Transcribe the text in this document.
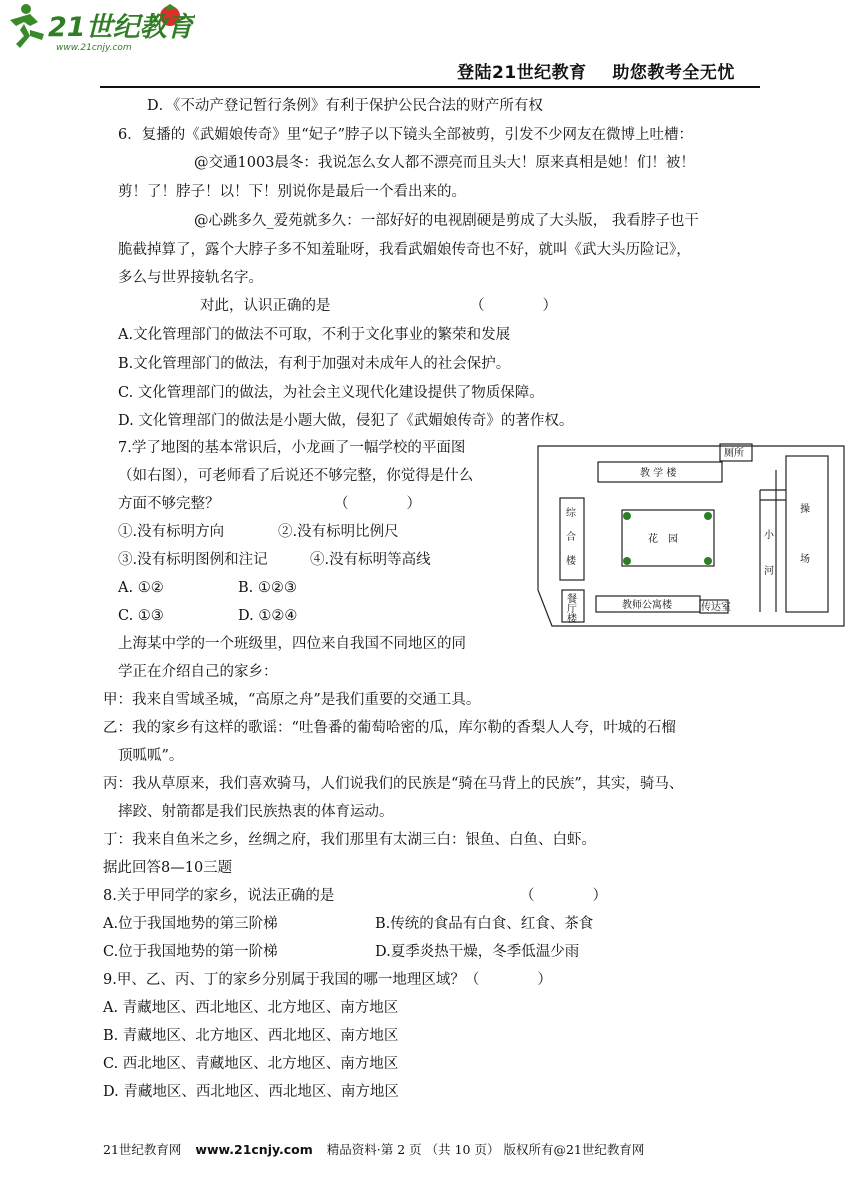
21世纪教育
www.21cnjy.com
登陆21世纪教育    助您教考全无忧
D．《不动产登记暂行条例》有利于保护公民合法的财产所有权
6．复播的《武媚娘传奇》里“妃子”脖子以下镜头全部被剪，引发不少网友在微博上吐槽：
@交通1003晨冬：我说怎么女人都不漂亮而且头大！原来真相是她！们！被！
剪！了！脖子！以！下！别说你是最后一个看出来的。
@心跳多久_爱苑就多久：一部好好的电视剧硬是剪成了大头版， 我看脖子也干
脆截掉算了，露个大脖子多不知羞耻呀，我看武媚娘传奇也不好，就叫《武大头历险记》，
多么与世界接轨名字。
对此，认识正确的是	（　　　　）
A.文化管理部门的做法不可取，不利于文化事业的繁荣和发展
B.文化管理部门的做法，有利于加强对未成年人的社会保护。
C. 文化管理部门的做法，为社会主义现代化建设提供了物质保障。
D. 文化管理部门的做法是小题大做，侵犯了《武媚娘传奇》的著作权。
7.学了地图的基本常识后，小龙画了一幅学校的平面图
（如右图），可老师看了后说还不够完整，你觉得是什么
方面不够完整？	（　　　　）
①.没有标明方向	②.没有标明比例尺
③.没有标明图例和注记	④.没有标明等高线
A. ①②	B. ①②③
C. ①③	D. ①②④
厕所
教 学 楼
综
合
楼
花　园
操
场
小
河
餐
厅
楼
教师公寓楼	传达室
上海某中学的一个班级里，四位来自我国不同地区的同
学正在介绍自己的家乡：
甲：我来自雪域圣城，“高原之舟”是我们重要的交通工具。
乙：我的家乡有这样的歌谣：“吐鲁番的葡萄哈密的瓜，库尔勒的香梨人人夸，叶城的石榴
顶呱呱”。
丙：我从草原来，我们喜欢骑马，人们说我们的民族是“骑在马背上的民族”，其实，骑马、
摔跤、射箭都是我们民族热衷的体育运动。
丁：我来自鱼米之乡，丝绸之府，我们那里有太湖三白：银鱼、白鱼、白虾。
据此回答8—10三题
8.关于甲同学的家乡，说法正确的是	（　　　　）
A.位于我国地势的第三阶梯	B.传统的食品有白食、红食、茶食
C.位于我国地势的第一阶梯	D.夏季炎热干燥，冬季低温少雨
9.甲、乙、丙、丁的家乡分别属于我国的哪一地理区域？（　　　　）
A. 青藏地区、西北地区、北方地区、南方地区
B. 青藏地区、北方地区、西北地区、南方地区
C. 西北地区、青藏地区、北方地区、南方地区
D. 青藏地区、西北地区、西北地区、南方地区
21世纪教育网 www.21cnjy.com 精品资料·第 2 页 （共 10 页） 版权所有@21世纪教育网
